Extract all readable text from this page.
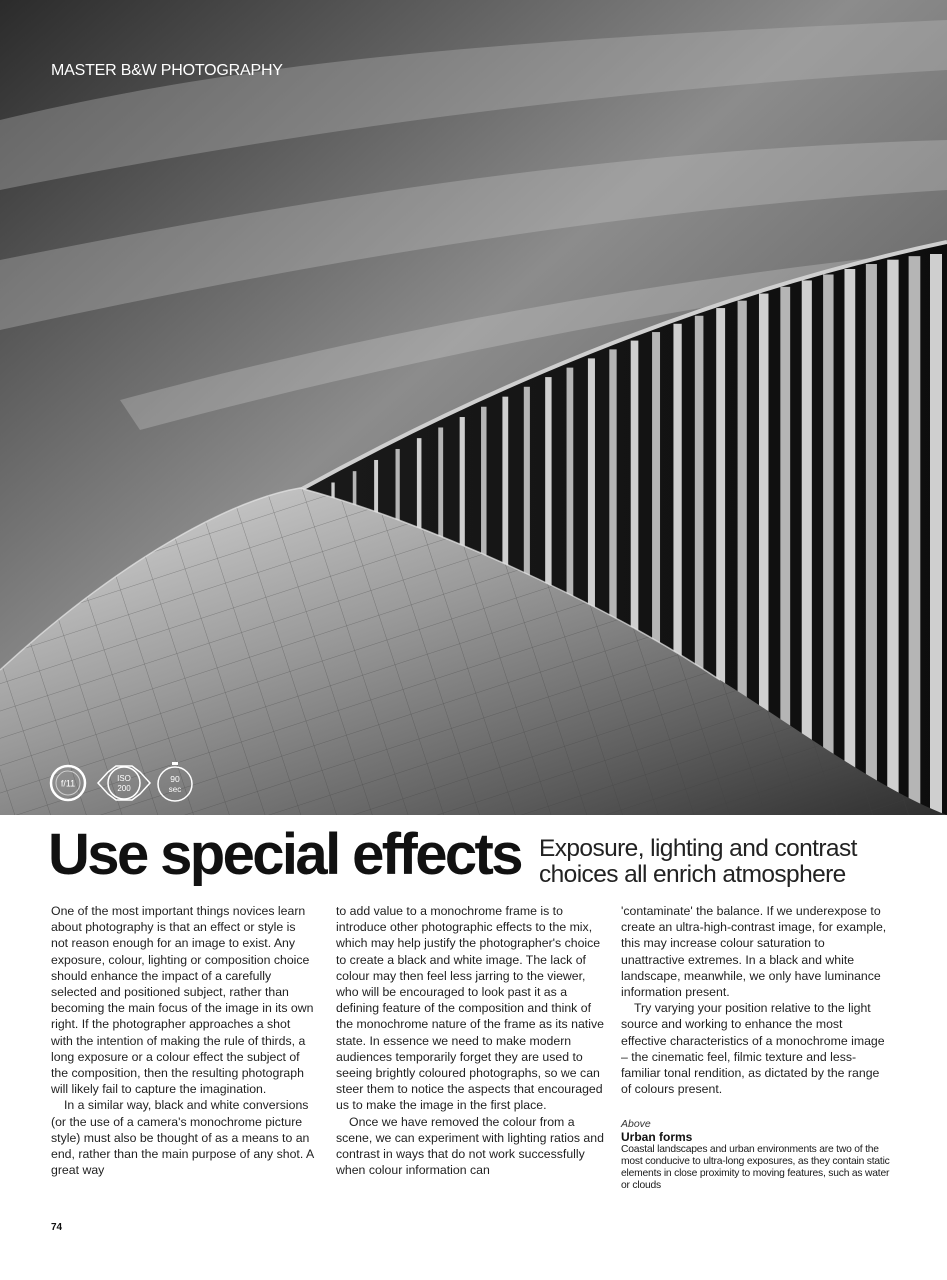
MASTER B&W PHOTOGRAPHY
f/11	ISO
200
90
sec
Use special effects Exposure, lighting and contrast
choices all enrich atmosphere

One of the most important things novices learn about photography is that an effect or style is not reason enough for an image to exist. Any exposure, colour, lighting or composition choice should enhance the impact of a carefully selected and positioned subject, rather than becoming the main focus of the image in its own right. If the photographer approaches a shot with the intention of making the rule of thirds, a long exposure or a colour effect the subject of the composition, then the resulting photograph will likely fail to capture the imagination.

In a similar way, black and white conversions (or the use of a camera's monochrome picture style) must also be thought of as a means to an end, rather than the main purpose of any shot. A great way

to add value to a monochrome frame is to introduce other photographic effects to the mix, which may help justify the photographer's choice to create a black and white image. The lack of colour may then feel less jarring to the viewer, who will be encouraged to look past it as a defining feature of the composition and think of the monochrome nature of the frame as its native state. In essence we need to make modern audiences temporarily forget they are used to seeing brightly coloured photographs, so we can steer them to notice the aspects that encouraged us to make the image in the first place.

Once we have removed the colour from a scene, we can experiment with lighting ratios and contrast in ways that do not work successfully when colour information can

'contaminate' the balance. If we underexpose to create an ultra-high-contrast image, for example, this may increase colour saturation to unattractive extremes. In a black and white landscape, meanwhile, we only have luminance information present.

Try varying your position relative to the light source and working to enhance the most effective characteristics of a monochrome image – the cinematic feel, filmic texture and less-familiar tonal rendition, as dictated by the range of colours present.

Above
Urban forms
Coastal landscapes and urban environments are two of the most conducive to ultra-long exposures, as they contain static elements in close proximity to moving features, such as water or clouds
74
